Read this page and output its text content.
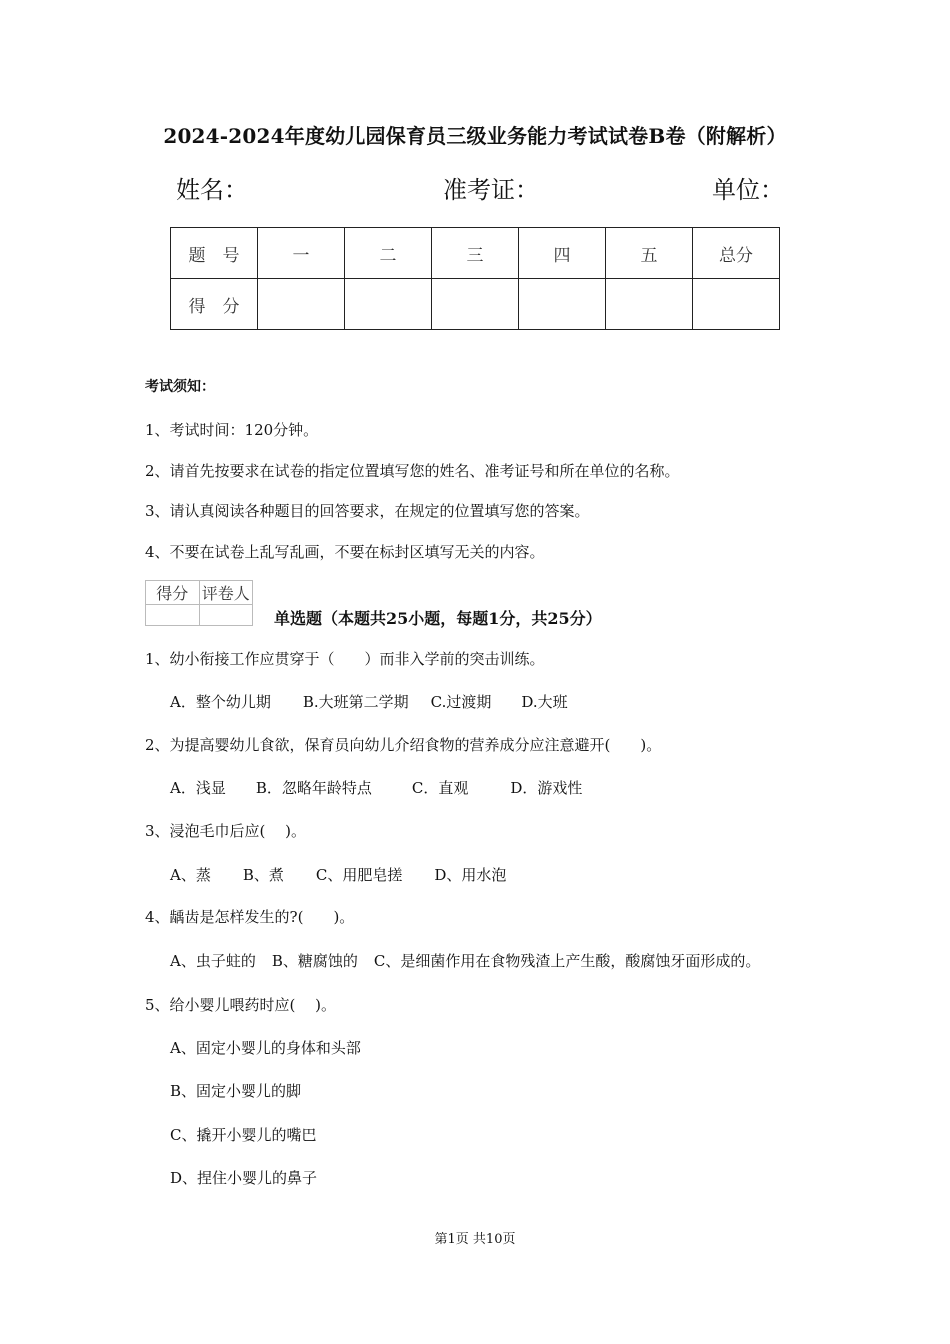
2024-2024年度幼儿园保育员三级业务能力考试试卷B卷（附解析）
姓名：	准考证：	单位：
题　号	一	二	三	四	五	总分
得　分						
考试须知：
1、考试时间：120分钟。
2、请首先按要求在试卷的指定位置填写您的姓名、准考证号和所在单位的名称。
3、请认真阅读各种题目的回答要求，在规定的位置填写您的答案。
4、不要在试卷上乱写乱画，不要在标封区填写无关的内容。
得分	评卷人

单选题（本题共25小题，每题1分，共25分）
1、幼小衔接工作应贯穿于（　　）而非入学前的突击训练。
A．整个幼儿期 B.大班第二学期 C.过渡期 D.大班
2、为提高婴幼儿食欲，保育员向幼儿介绍食物的营养成分应注意避开(　　)。
A．浅显 B．忽略年龄特点	C．直观	D．游戏性
3、浸泡毛巾后应(　 )。
A、蒸 B、煮 C、用肥皂搓 D、用水泡
4、龋齿是怎样发生的?(　　)。
A、虫子蛀的 B、糖腐蚀的 C、是细菌作用在食物残渣上产生酸，酸腐蚀牙面形成的。
5、给小婴儿喂药时应(　 )。
A、固定小婴儿的身体和头部
B、固定小婴儿的脚
C、撬开小婴儿的嘴巴
D、捏住小婴儿的鼻子
第1页 共10页
